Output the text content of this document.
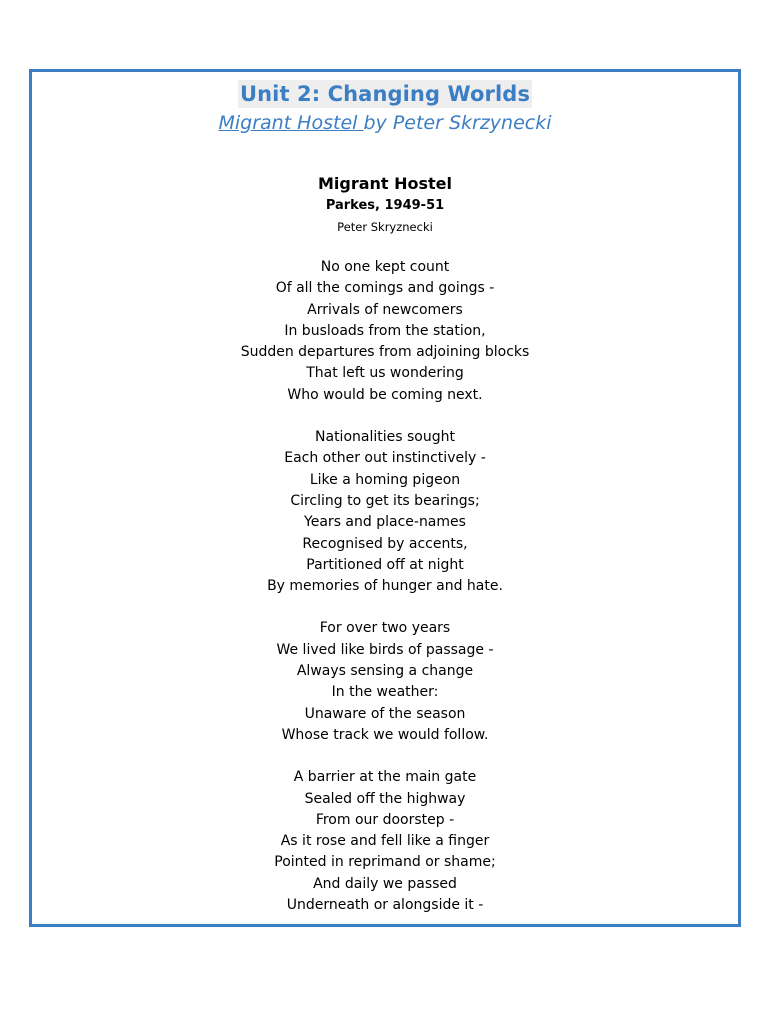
Unit 2: Changing Worlds
Migrant Hostel by Peter Skrzynecki
Migrant Hostel
Parkes, 1949-51
Peter Skryznecki
No one kept count
Of all the comings and goings -
Arrivals of newcomers
In busloads from the station,
Sudden departures from adjoining blocks
That left us wondering
Who would be coming next.
Nationalities sought
Each other out instinctively -
Like a homing pigeon
Circling to get its bearings;
Years and place-names
Recognised by accents,
Partitioned off at night
By memories of hunger and hate.
For over two years
We lived like birds of passage -
Always sensing a change
In the weather:
Unaware of the season
Whose track we would follow.
A barrier at the main gate
Sealed off the highway
From our doorstep -
As it rose and fell like a finger
Pointed in reprimand or shame;
And daily we passed
Underneath or alongside it -
